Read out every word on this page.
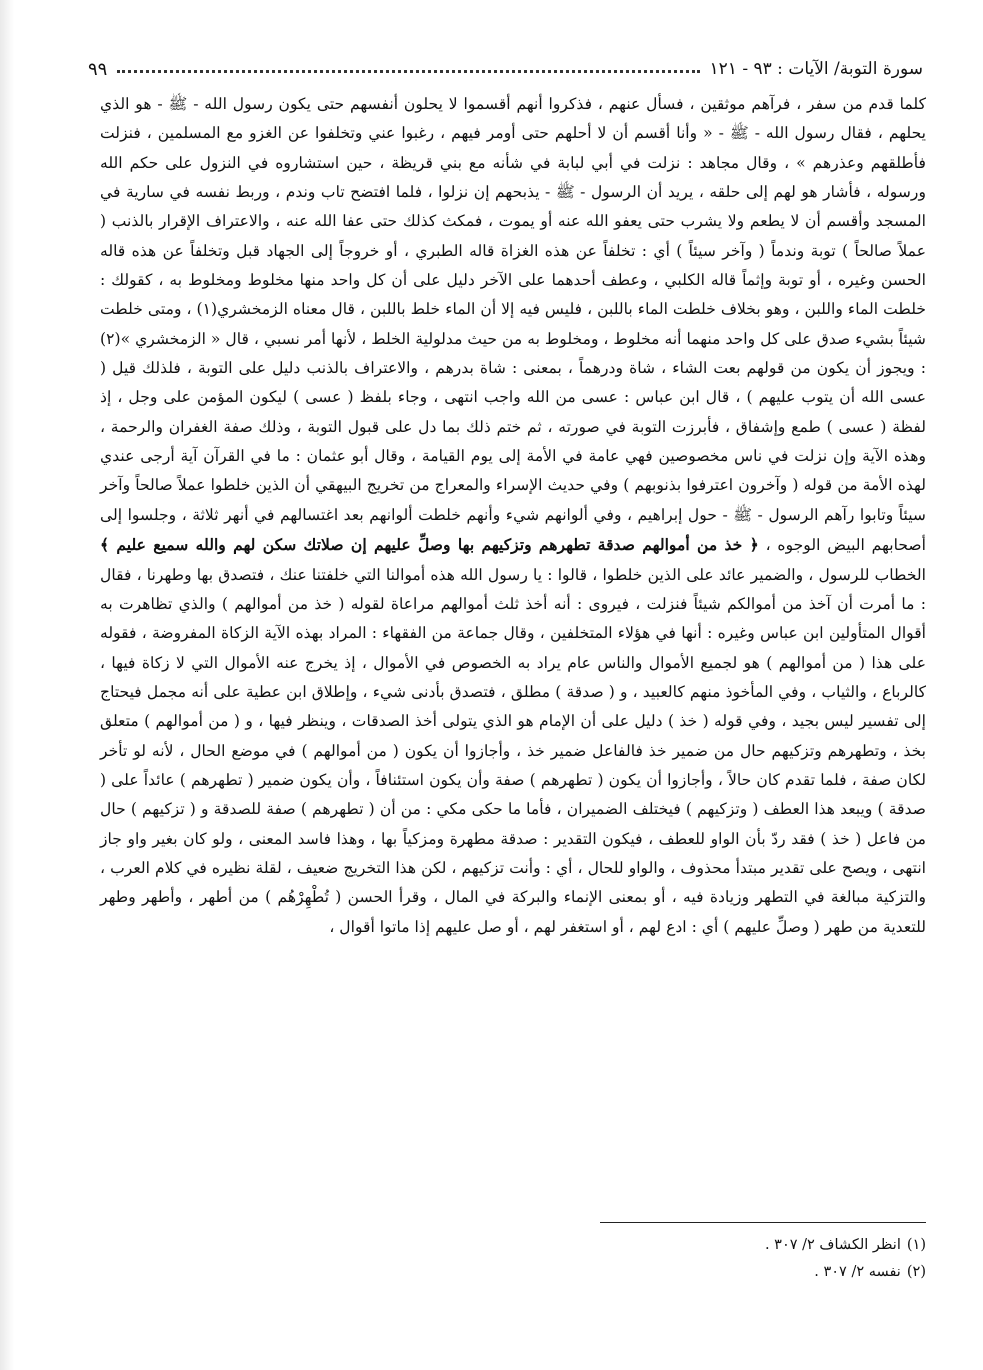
سورة التوبة/ الآيات : ٩٣ - ١٢١
٩٩

كلما قدم من سفر ، فرآهم موثقين ، فسأل عنهم ، فذكروا أنهم أقسموا لا يحلون أنفسهم حتى يكون رسول الله - ﷺ - هو الذي يحلهم ، فقال رسول الله - ﷺ - « وأنا أقسم أن لا أحلهم حتى أومر فيهم ، رغبوا عني وتخلفوا عن الغزو مع المسلمين ، فنزلت فأطلقهم وعذرهم » ، وقال مجاهد : نزلت في أبي لبابة في شأنه مع بني قريظة ، حين استشاروه في النزول على حكم الله ورسوله ، فأشار هو لهم إلى حلقه ، يريد أن الرسول - ﷺ - يذبحهم إن نزلوا ، فلما افتضح تاب وندم ، وربط نفسه في سارية في المسجد وأقسم أن لا يطعم ولا يشرب حتى يعفو الله عنه أو يموت ، فمكث كذلك حتى عفا الله عنه ، والاعتراف الإقرار بالذنب ( عملاً صالحاً ) توبة وندماً ( وآخر سيئاً ) أي : تخلفاً عن هذه الغزاة قاله الطبري ، أو خروجاً إلى الجهاد قبل وتخلفاً عن هذه قاله الحسن وغيره ، أو توبة وإثماً قاله الكلبي ، وعطف أحدهما على الآخر دليل على أن كل واحد منها مخلوط ومخلوط به ، كقولك : خلطت الماء واللبن ، وهو بخلاف خلطت الماء باللبن ، فليس فيه إلا أن الماء خلط باللبن ، قال معناه الزمخشري(١) ، ومتى خلطت شيئاً بشيء صدق على كل واحد منهما أنه مخلوط ، ومخلوط به من حيث مدلولية الخلط ، لأنها أمر نسبي ، قال « الزمخشري »(٢) : ويجوز أن يكون من قولهم بعت الشاء ، شاة ودرهماً ، بمعنى : شاة بدرهم ، والاعتراف بالذنب دليل على التوبة ، فلذلك قيل ( عسى الله أن يتوب عليهم ) ، قال ابن عباس : عسى من الله واجب انتهى ، وجاء بلفظ ( عسى ) ليكون المؤمن على وجل ، إذ لفظة ( عسى ) طمع وإشفاق ، فأبرزت التوبة في صورته ، ثم ختم ذلك بما دل على قبول التوبة ، وذلك صفة الغفران والرحمة ، وهذه الآية وإن نزلت في ناس مخصوصين فهي عامة في الأمة إلى يوم القيامة ، وقال أبو عثمان : ما في القرآن آية أرجى عندي لهذه الأمة من قوله ( وآخرون اعترفوا بذنوبهم ) وفي حديث الإسراء والمعراج من تخريج البيهقي أن الذين خلطوا عملاً صالحاً وآخر سيئاً وتابوا رآهم الرسول - ﷺ - حول إبراهيم ، وفي ألوانهم شيء وأنهم خلطت ألوانهم بعد اغتسالهم في أنهر ثلاثة ، وجلسوا إلى أصحابهم البيض الوجوه ، ﴿ خذ من أموالهم صدقة تطهرهم وتزكيهم بها وصلِّ عليهم إن صلاتك سكن لهم والله سميع عليم ﴾ الخطاب للرسول ، والضمير عائد على الذين خلطوا ، قالوا : يا رسول الله هذه أموالنا التي خلفتنا عنك ، فتصدق بها وطهرنا ، فقال : ما أمرت أن آخذ من أموالكم شيئاً فنزلت ، فيروى : أنه أخذ ثلث أموالهم مراعاة لقوله ( خذ من أموالهم ) والذي تظاهرت به أقوال المتأولين ابن عباس وغيره : أنها في هؤلاء المتخلفين ، وقال جماعة من الفقهاء : المراد بهذه الآية الزكاة المفروضة ، فقوله على هذا ( من أموالهم ) هو لجميع الأموال والناس عام يراد به الخصوص في الأموال ، إذ يخرج عنه الأموال التي لا زكاة فيها ، كالرباع ، والثياب ، وفي المأخوذ منهم كالعبيد ، و ( صدقة ) مطلق ، فتصدق بأدنى شيء ، وإطلاق ابن عطية على أنه مجمل فيحتاج إلى تفسير ليس بجيد ، وفي قوله ( خذ ) دليل على أن الإمام هو الذي يتولى أخذ الصدقات ، وينظر فيها ، و ( من أموالهم ) متعلق بخذ ، وتطهرهم وتزكيهم حال من ضمير خذ فالفاعل ضمير خذ ، وأجازوا أن يكون ( من أموالهم ) في موضع الحال ، لأنه لو تأخر لكان صفة ، فلما تقدم كان حالاً ، وأجازوا أن يكون ( تطهرهم ) صفة وأن يكون استئنافاً ، وأن يكون ضمير ( تطهرهم ) عائداً على ( صدقة ) ويبعد هذا العطف ( وتزكيهم ) فيختلف الضميران ، فأما ما حكى مكي : من أن ( تطهرهم ) صفة للصدقة و ( تزكيهم ) حال من فاعل ( خذ ) فقد ردّ بأن الواو للعطف ، فيكون التقدير : صدقة مطهرة ومزكياً بها ، وهذا فاسد المعنى ، ولو كان بغير واو جاز انتهى ، ويصح على تقدير مبتدأ محذوف ، والواو للحال ، أي : وأنت تزكيهم ، لكن هذا التخريج ضعيف ، لقلة نظيره في كلام العرب ، والتزكية مبالغة في التطهر وزيادة فيه ، أو بمعنى الإنماء والبركة في المال ، وقرأ الحسن ( تُطْهِرْهُم ) من أطهر ، وأطهر وطهر للتعدية من طهر ( وصلِّ عليهم ) أي : ادع لهم ، أو استغفر لهم ، أو صل عليهم إذا ماتوا أقوال ،

(١)
انظر الكشاف ٢/ ٣٠٧ .
(٢)
نفسه ٢/ ٣٠٧ .
